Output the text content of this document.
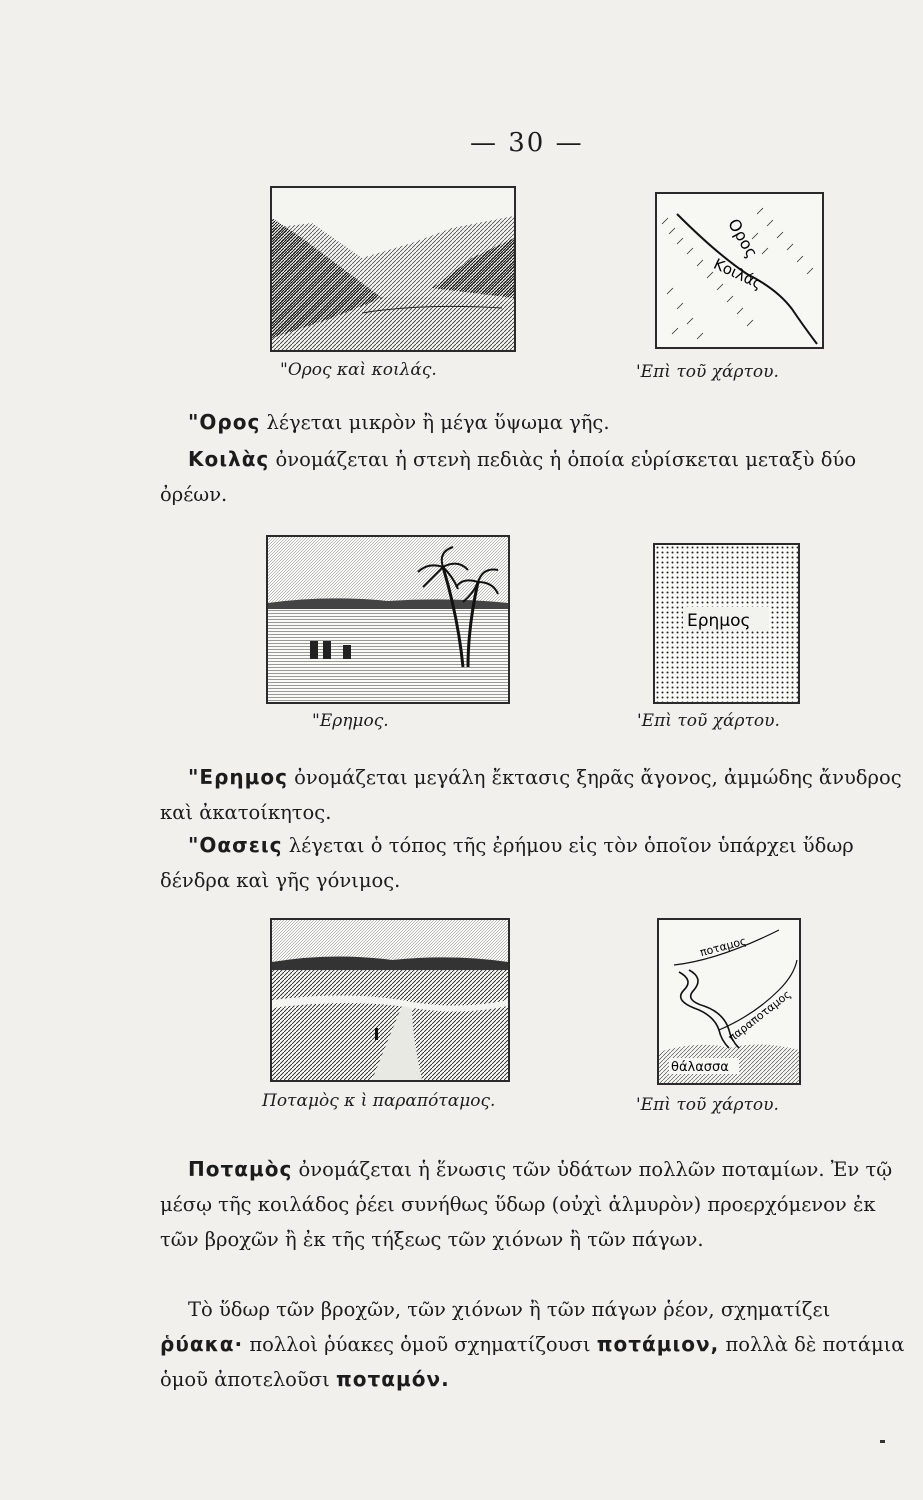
— 30 —
"Ορος καὶ κοιλάς.
Ορος
Κοιλάς
'Επὶ τοῦ χάρτου.
"Ορος λέγεται μικρὸν ἢ μέγα ὕψωμα γῆς.
Κοιλὰς ὀνομάζεται ἡ στενὴ πεδιὰς ἡ ὁποία εὑρίσκεται μεταξὺ δύο ὀρέων.
"Ερημος.
Ερημος
'Επὶ τοῦ χάρτου.
"Ερημος ὀνομάζεται μεγάλη ἔκτασις ξηρᾶς ἄγονος, ἀμμώδης ἄνυδρος καὶ ἀκατοίκητος.
"Οασεις λέγεται ὁ τόπος τῆς ἐρήμου εἰς τὸν ὁποῖον ὑπάρχει ὕδωρ δένδρα καὶ γῆς γόνιμος.
Ποταμὸς κ ὶ παραπόταμος.
ποταμος
παραποταμος
θάλασσα
'Επὶ τοῦ χάρτου.
Ποταμὸς ὀνομάζεται ἡ ἕνωσις τῶν ὑδάτων πολλῶν ποταμίων. Ἐν τῷ μέσῳ τῆς κοιλάδος ῥέει συνήθως ὕδωρ (οὐχὶ ἁλμυρὸν) προερχόμενον ἐκ τῶν βροχῶν ἢ ἐκ τῆς τήξεως τῶν χιόνων ἢ τῶν πάγων.
Τὸ ὕδωρ τῶν βροχῶν, τῶν χιόνων ἢ τῶν πάγων ῥέον, σχηματίζει ῥύακα· πολλοὶ ῥύακες ὁμοῦ σχηματίζουσι ποτάμιον, πολλὰ δὲ ποτάμια ὁμοῦ ἀποτελοῦσι ποταμόν.
